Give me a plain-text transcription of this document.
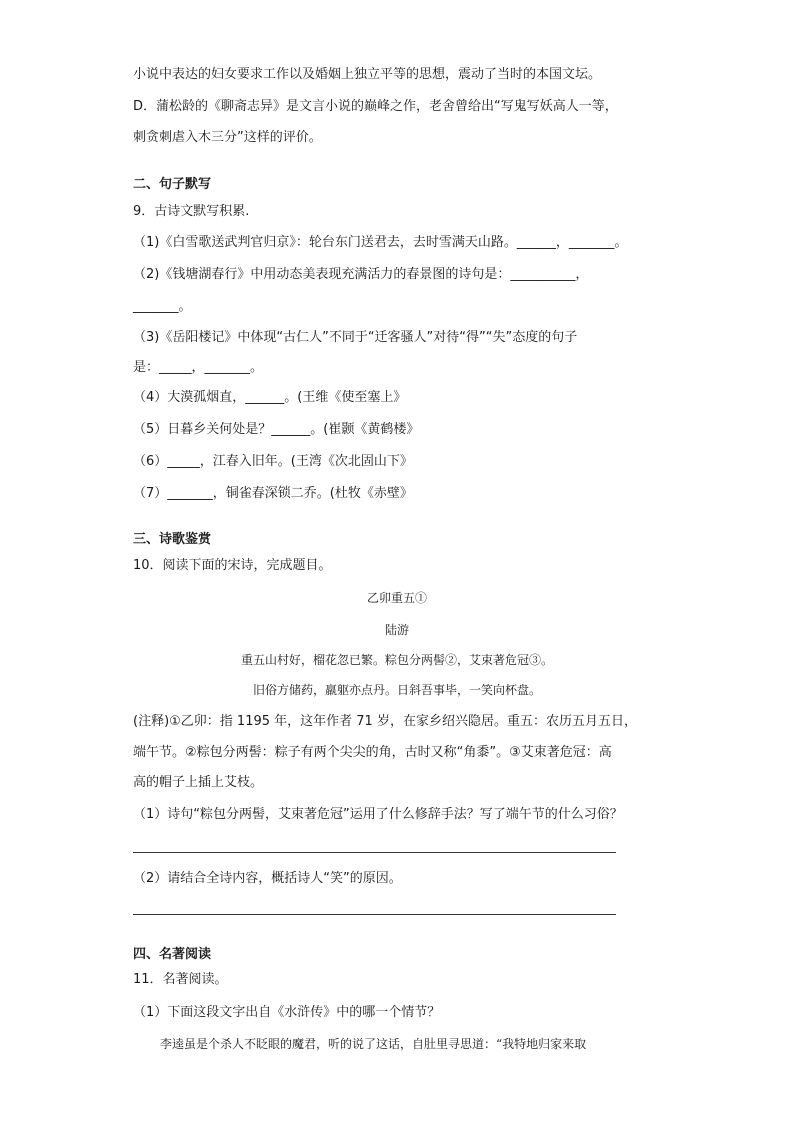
小说中表达的妇女要求工作以及婚姻上独立平等的思想，震动了当时的本国文坛。
D．蒲松龄的《聊斋志异》是文言小说的巅峰之作，老舍曾给出“写鬼写妖高人一等，
刺贪刺虐入木三分”这样的评价。
二、句子默写
9．古诗文默写积累.
（1)《白雪歌送武判官归京》：轮台东门送君去，去时雪满天山路。______，_______。
（2)《钱塘湖春行》中用动态美表现充满活力的春景图的诗句是：__________，
_______。
（3)《岳阳楼记》中体现“古仁人”不同于“迁客骚人”对待“得”“失”态度的句子
是：_____，_______。
（4）大漠孤烟直，______。(王维《使至塞上》
（5）日暮乡关何处是？______。(崔颢《黄鹤楼》
（6）_____，江春入旧年。(王湾《次北固山下》
（7）_______，铜雀春深锁二乔。(杜牧《赤壁》
三、诗歌鉴赏
10．阅读下面的宋诗，完成题目。
乙卯重五①
陆游
重五山村好，榴花忽已繁。粽包分两髻②，艾束著危冠③。
旧俗方储药，羸躯亦点丹。日斜吾事毕，一笑向杯盘。
(注释)①乙卯：指 1195 年，这年作者 71 岁，在家乡绍兴隐居。重五：农历五月五日，
端午节。②粽包分两髻：粽子有两个尖尖的角，古时又称“角黍”。③艾束著危冠：高
高的帽子上插上艾枝。
（1）诗句“粽包分两髻，艾束著危冠”运用了什么修辞手法？写了端午节的什么习俗？
（2）请结合全诗内容，概括诗人“笑”的原因。
四、名著阅读
11．名著阅读。
（1）下面这段文字出自《水浒传》中的哪一个情节？
李逵虽是个杀人不眨眼的魔君，听的说了这话，自肚里寻思道：“我特地归家来取
